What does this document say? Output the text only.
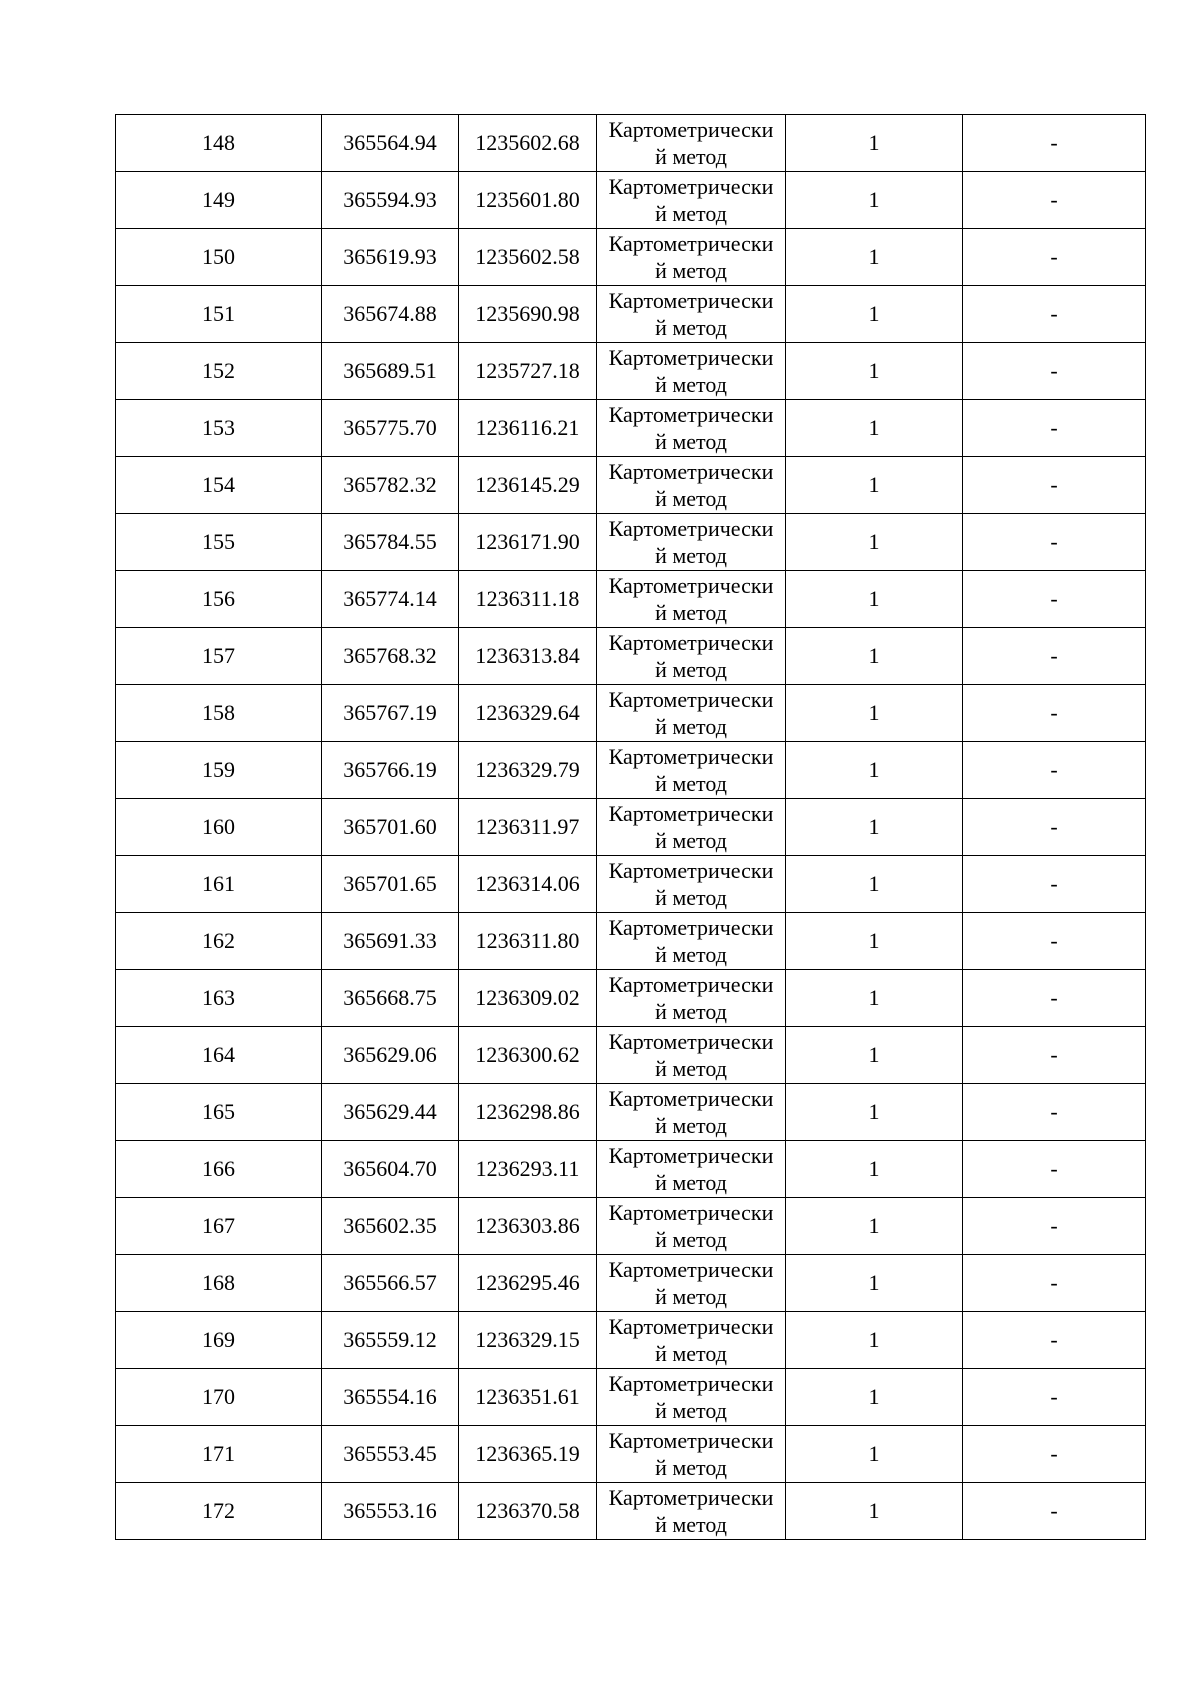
148	365564.94	1235602.68	Картометрически
й метод	1	-
149	365594.93	1235601.80	Картометрически
й метод	1	-
150	365619.93	1235602.58	Картометрически
й метод	1	-
151	365674.88	1235690.98	Картометрически
й метод	1	-
152	365689.51	1235727.18	Картометрически
й метод	1	-
153	365775.70	1236116.21	Картометрически
й метод	1	-
154	365782.32	1236145.29	Картометрически
й метод	1	-
155	365784.55	1236171.90	Картометрически
й метод	1	-
156	365774.14	1236311.18	Картометрически
й метод	1	-
157	365768.32	1236313.84	Картометрически
й метод	1	-
158	365767.19	1236329.64	Картометрически
й метод	1	-
159	365766.19	1236329.79	Картометрически
й метод	1	-
160	365701.60	1236311.97	Картометрически
й метод	1	-
161	365701.65	1236314.06	Картометрически
й метод	1	-
162	365691.33	1236311.80	Картометрически
й метод	1	-
163	365668.75	1236309.02	Картометрически
й метод	1	-
164	365629.06	1236300.62	Картометрически
й метод	1	-
165	365629.44	1236298.86	Картометрически
й метод	1	-
166	365604.70	1236293.11	Картометрически
й метод	1	-
167	365602.35	1236303.86	Картометрически
й метод	1	-
168	365566.57	1236295.46	Картометрически
й метод	1	-
169	365559.12	1236329.15	Картометрически
й метод	1	-
170	365554.16	1236351.61	Картометрически
й метод	1	-
171	365553.45	1236365.19	Картометрически
й метод	1	-
172	365553.16	1236370.58	Картометрически
й метод	1	-
